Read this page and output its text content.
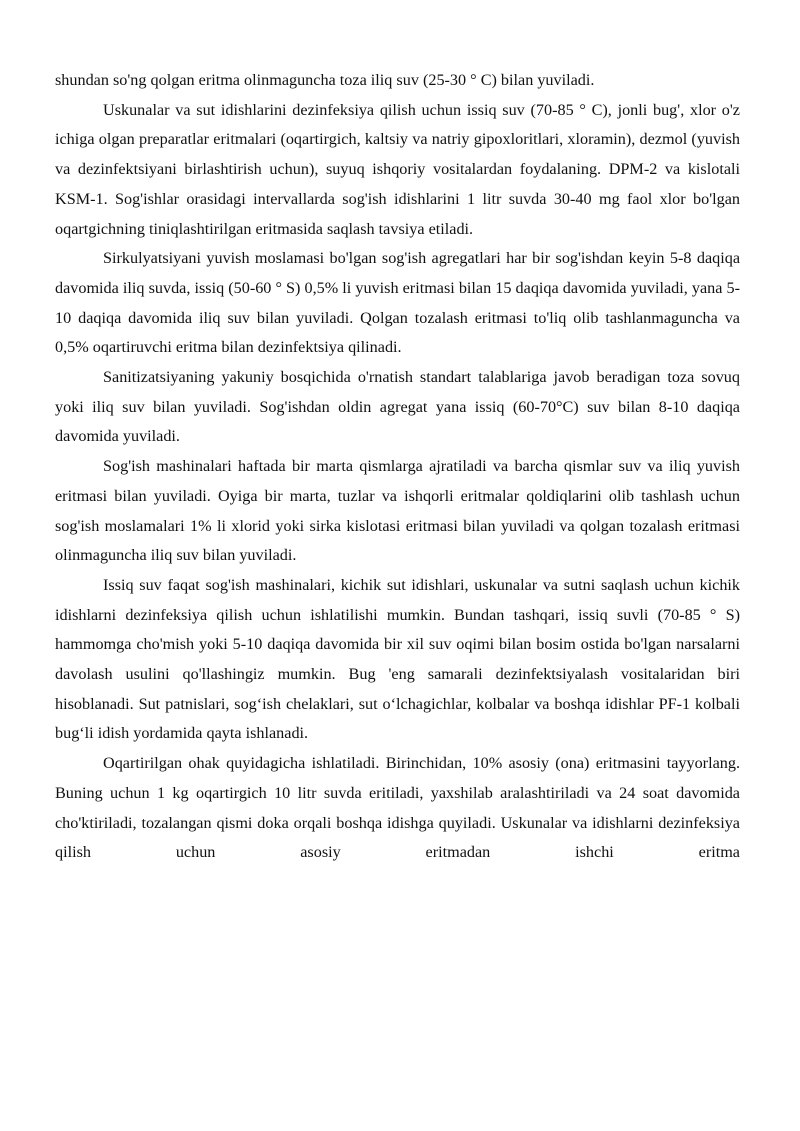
shundan so'ng qolgan eritma olinmaguncha toza iliq suv (25-30 ° C) bilan yuviladi.

Uskunalar va sut idishlarini dezinfeksiya qilish uchun issiq suv (70-85 ° C), jonli bug', xlor o'z ichiga olgan preparatlar eritmalari (oqartirgich, kaltsiy va natriy gipoxloritlari, xloramin), dezmol (yuvish va dezinfektsiyani birlashtirish uchun), suyuq ishqoriy vositalardan foydalaning. DPM-2 va kislotali KSM-1. Sog'ishlar orasidagi intervallarda sog'ish idishlarini 1 litr suvda 30-40 mg faol xlor bo'lgan oqartgichning tiniqlashtirilgan eritmasida saqlash tavsiya etiladi.

Sirkulyatsiyani yuvish moslamasi bo'lgan sog'ish agregatlari har bir sog'ishdan keyin 5-8 daqiqa davomida iliq suvda, issiq (50-60 ° S) 0,5% li yuvish eritmasi bilan 15 daqiqa davomida yuviladi, yana 5-10 daqiqa davomida iliq suv bilan yuviladi. Qolgan tozalash eritmasi to'liq olib tashlanmaguncha va 0,5% oqartiruvchi eritma bilan dezinfektsiya qilinadi.

Sanitizatsiyaning yakuniy bosqichida o'rnatish standart talablariga javob beradigan toza sovuq yoki iliq suv bilan yuviladi. Sog'ishdan oldin agregat yana issiq (60-70°C) suv bilan 8-10 daqiqa davomida yuviladi.

Sog'ish mashinalari haftada bir marta qismlarga ajratiladi va barcha qismlar suv va iliq yuvish eritmasi bilan yuviladi. Oyiga bir marta, tuzlar va ishqorli eritmalar qoldiqlarini olib tashlash uchun sog'ish moslamalari 1% li xlorid yoki sirka kislotasi eritmasi bilan yuviladi va qolgan tozalash eritmasi olinmaguncha iliq suv bilan yuviladi.

Issiq suv faqat sog'ish mashinalari, kichik sut idishlari, uskunalar va sutni saqlash uchun kichik idishlarni dezinfeksiya qilish uchun ishlatilishi mumkin. Bundan tashqari, issiq suvli (70-85 ° S) hammomga cho'mish yoki 5-10 daqiqa davomida bir xil suv oqimi bilan bosim ostida bo'lgan narsalarni davolash usulini qo'llashingiz mumkin. Bug 'eng samarali dezinfektsiyalash vositalaridan biri hisoblanadi. Sut patnislari, sog‘ish chelaklari, sut o‘lchagichlar, kolbalar va boshqa idishlar PF-1 kolbali bug‘li idish yordamida qayta ishlanadi.

Oqartirilgan ohak quyidagicha ishlatiladi. Birinchidan, 10% asosiy (ona) eritmasini tayyorlang. Buning uchun 1 kg oqartirgich 10 litr suvda eritiladi, yaxshilab aralashtiriladi va 24 soat davomida cho'ktiriladi, tozalangan qismi doka orqali boshqa idishga quyiladi. Uskunalar va idishlarni dezinfeksiya qilish uchun asosiy eritmadan ishchi eritma
